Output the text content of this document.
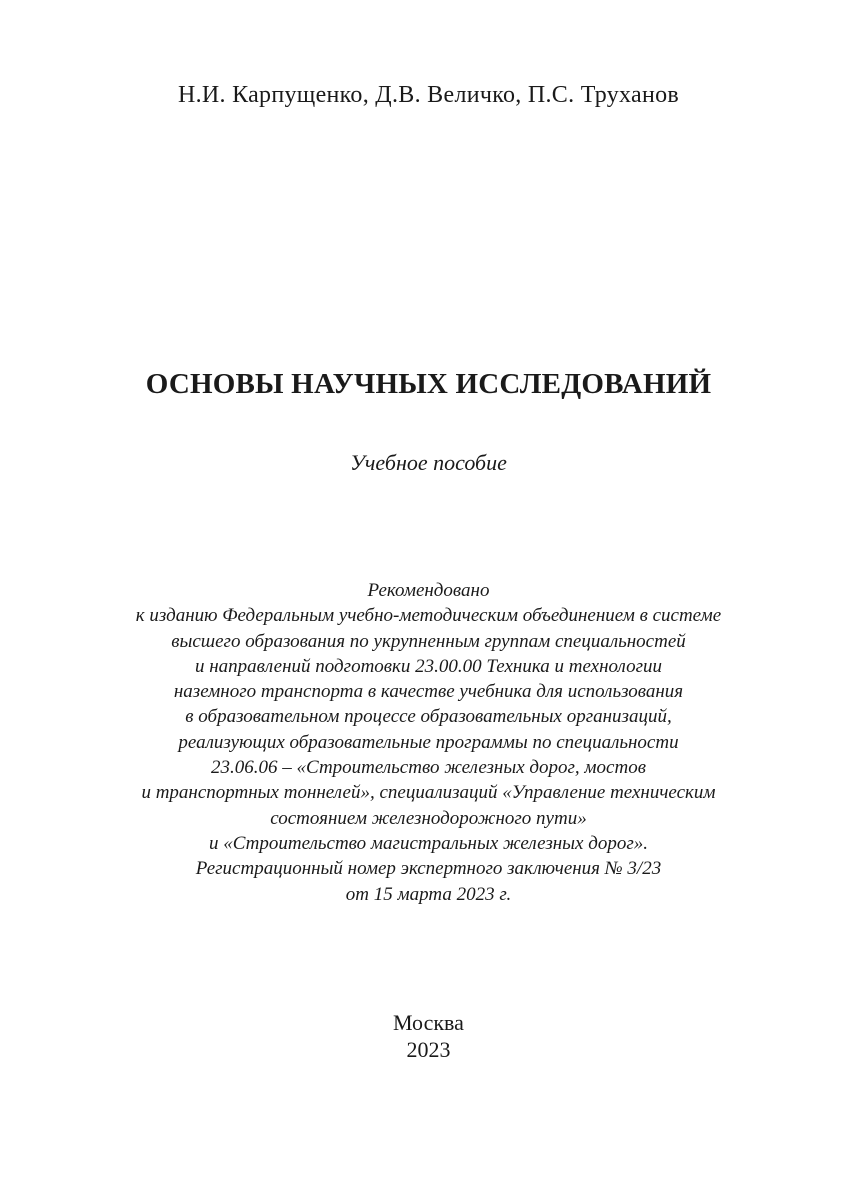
Н.И. Карпущенко, Д.В. Величко, П.С. Труханов
ОСНОВЫ НАУЧНЫХ ИССЛЕДОВАНИЙ
Учебное пособие
Рекомендовано
к изданию Федеральным учебно-методическим объединением в системе
высшего образования по укрупненным группам специальностей
и направлений подготовки 23.00.00 Техника и технологии
наземного транспорта в качестве учебника для использования
в образовательном процессе образовательных организаций,
реализующих образовательные программы по специальности
23.06.06 – «Строительство железных дорог, мостов
и транспортных тоннелей», специализаций «Управление техническим
состоянием железнодорожного пути»
и «Строительство магистральных железных дорог».
Регистрационный номер экспертного заключения № 3/23
от 15 марта 2023 г.
Москва
2023
